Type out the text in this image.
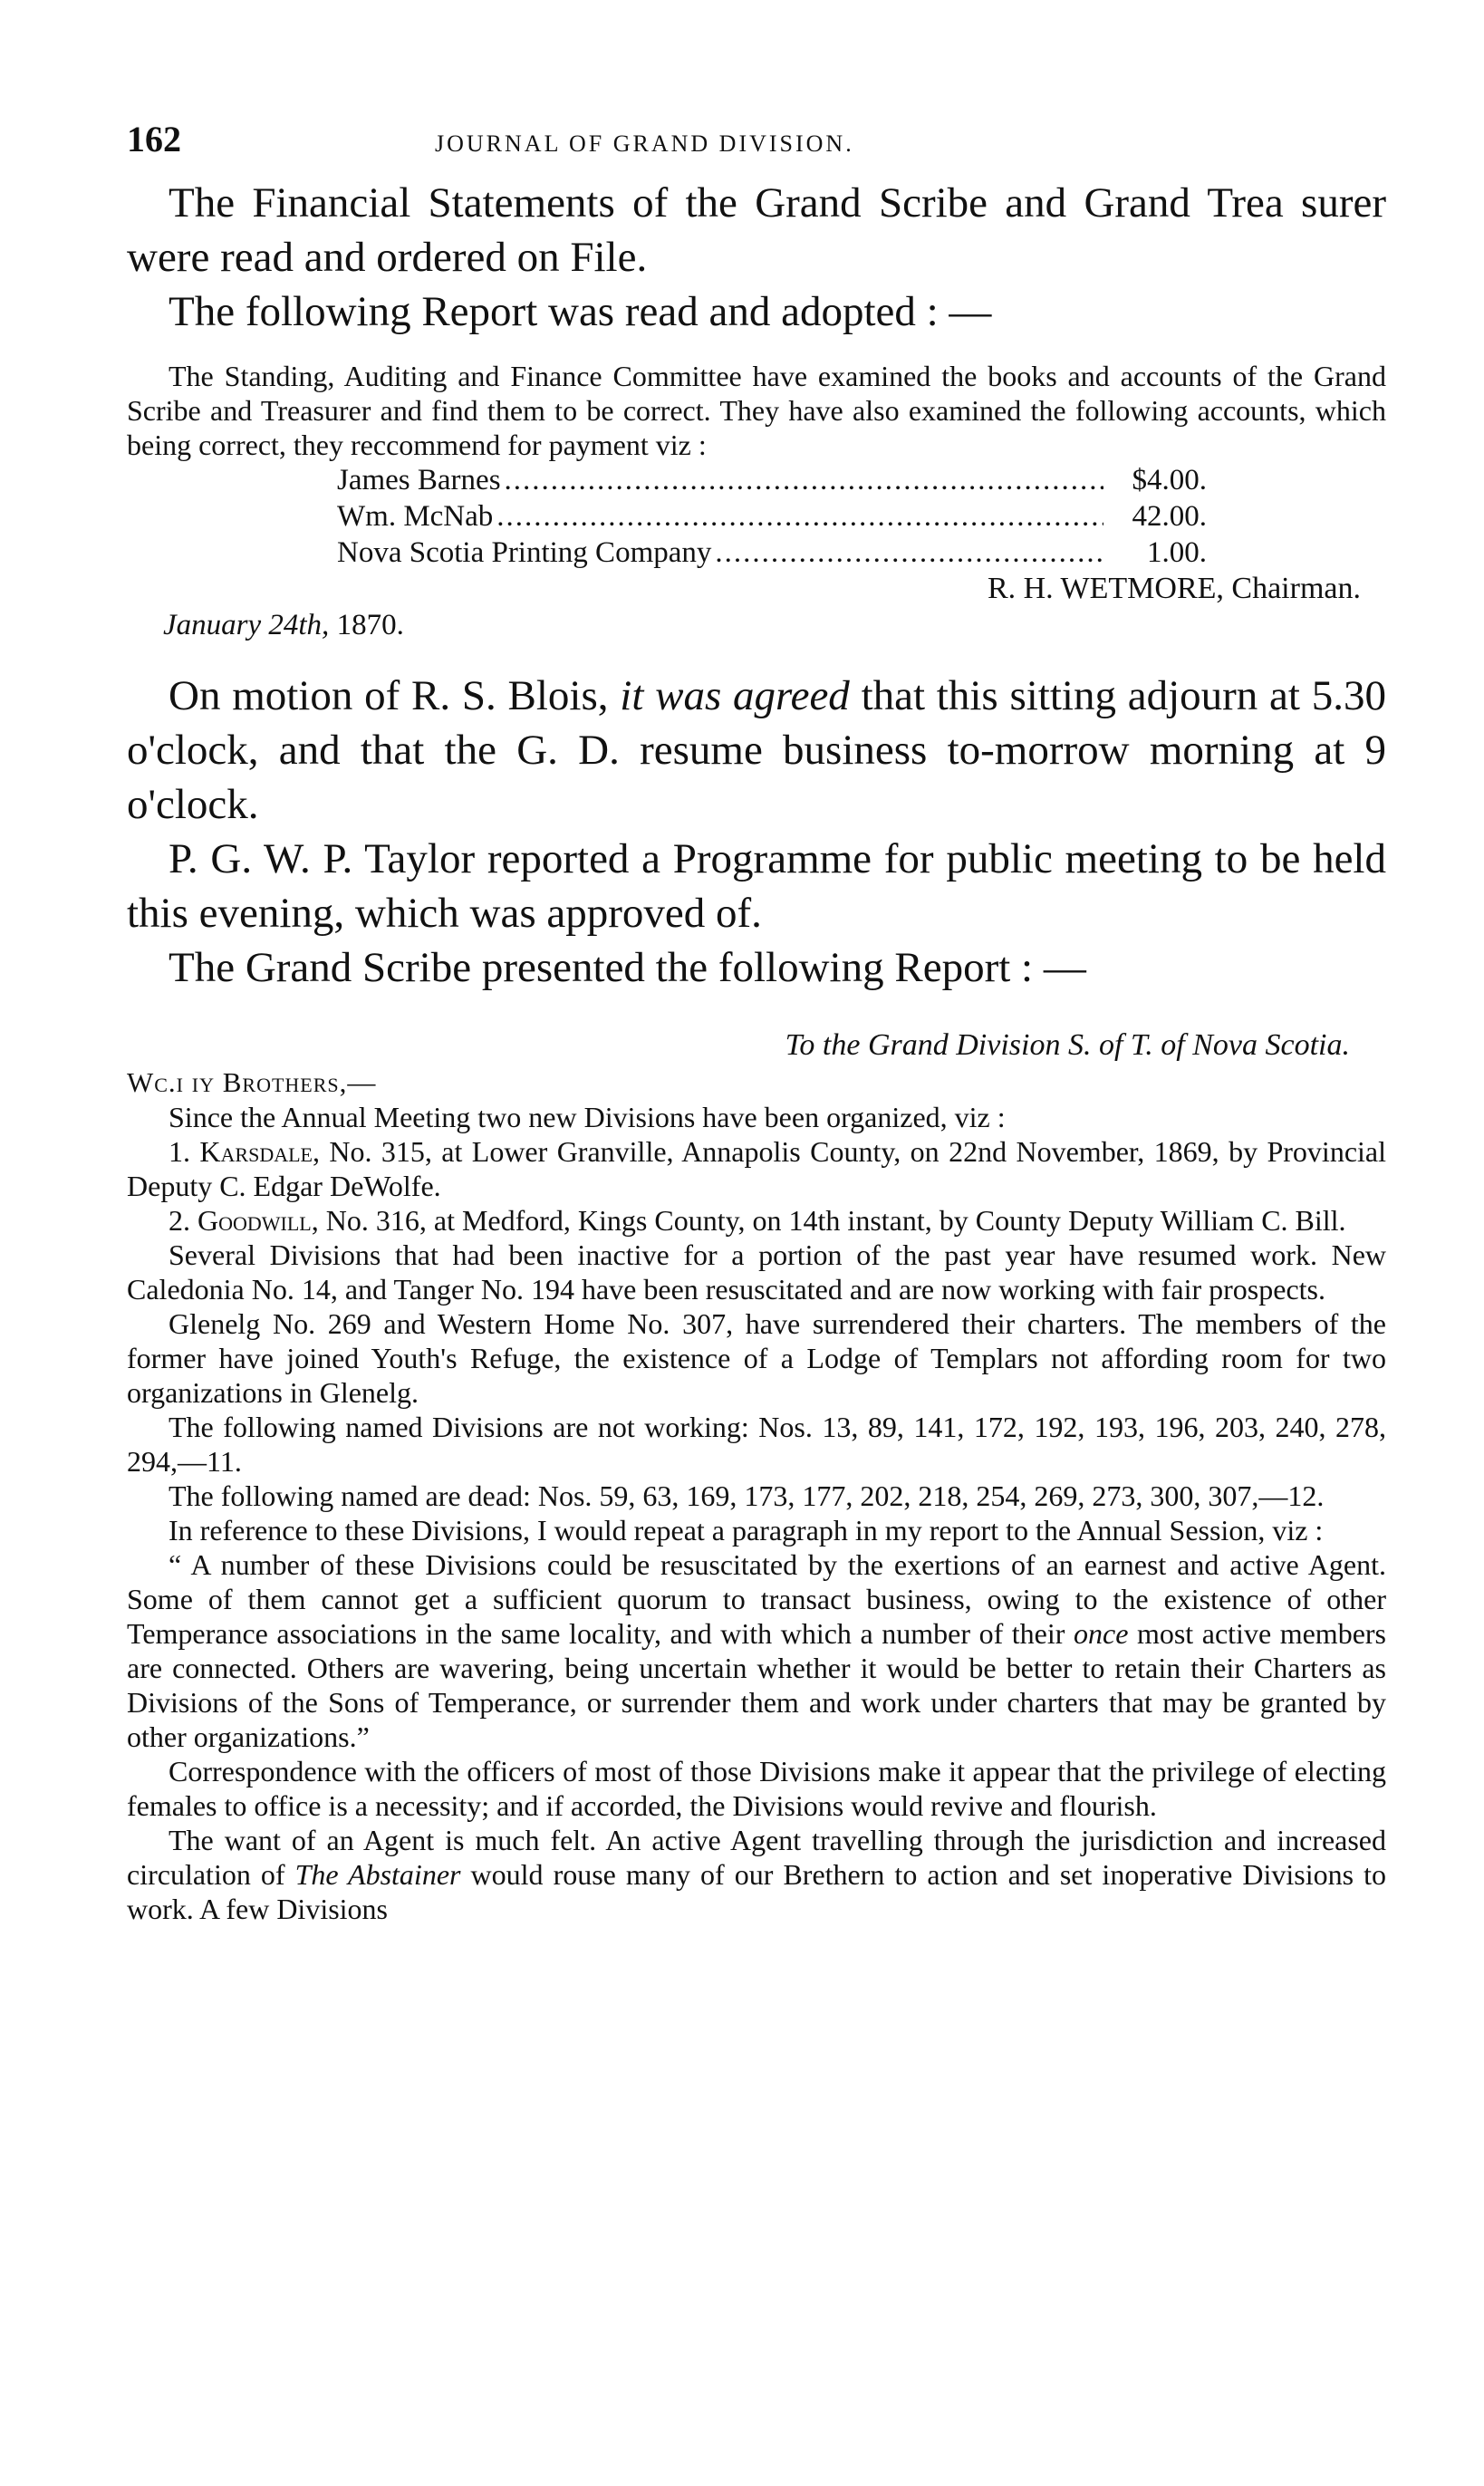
162	JOURNAL OF GRAND DIVISION.

The Financial Statements of the Grand Scribe and Grand Trea surer were read and ordered on File.

The following Report was read and adopted : —

The Standing, Auditing and Finance Committee have examined the books and accounts of the Grand Scribe and Treasurer and find them to be correct. They have also examined the following accounts, which being correct, they reccommend for payment viz :

James Barnes .....	$4.00.
Wm. McNab .....	42.00.
Nova Scotia Printing Company .....	1.00.
R. H. WETMORE, Chairman.
January 24th, 1870.

On motion of R. S. Blois, it was agreed that this sitting adjourn at 5.30 o'clock, and that the G. D. resume business to-morrow morning at 9 o'clock.

P. G. W. P. Taylor reported a Programme for public meeting to be held this evening, which was approved of.

The Grand Scribe presented the following Report : —

To the Grand Division S. of T. of Nova Scotia.
Wc.ı ıy Brothers,—

Since the Annual Meeting two new Divisions have been organized, viz :

1. Karsdale, No. 315, at Lower Granville, Annapolis County, on 22nd November, 1869, by Provincial Deputy C. Edgar DeWolfe.

2. Goodwill, No. 316, at Medford, Kings County, on 14th instant, by County Deputy William C. Bill.

Several Divisions that had been inactive for a portion of the past year have resumed work. New Caledonia No. 14, and Tanger No. 194 have been resuscitated and are now working with fair prospects.

Glenelg No. 269 and Western Home No. 307, have surrendered their charters. The members of the former have joined Youth's Refuge, the existence of a Lodge of Templars not affording room for two organizations in Glenelg.

The following named Divisions are not working: Nos. 13, 89, 141, 172, 192, 193, 196, 203, 240, 278, 294,—11.

The following named are dead: Nos. 59, 63, 169, 173, 177, 202, 218, 254, 269, 273, 300, 307,—12.

In reference to these Divisions, I would repeat a paragraph in my report to the Annual Session, viz :

“ A number of these Divisions could be resuscitated by the exertions of an earnest and active Agent. Some of them cannot get a sufficient quorum to transact business, owing to the existence of other Temperance associations in the same locality, and with which a number of their once most active members are connected. Others are wavering, being uncertain whether it would be better to retain their Charters as Divisions of the Sons of Temperance, or surrender them and work under charters that may be granted by other organizations.”

Correspondence with the officers of most of those Divisions make it appear that the privilege of electing females to office is a necessity; and if accorded, the Divisions would revive and flourish.

The want of an Agent is much felt. An active Agent travelling through the jurisdiction and increased circulation of The Abstainer would rouse many of our Brethern to action and set inoperative Divisions to work. A few Divisions
